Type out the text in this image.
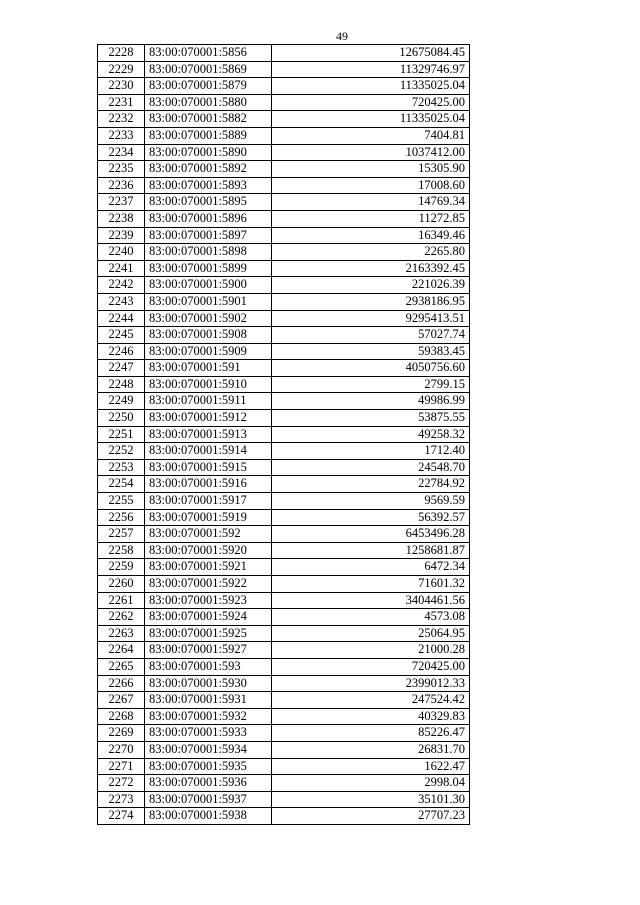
49
2228	83:00:070001:5856	12675084.45
2229	83:00:070001:5869	11329746.97
2230	83:00:070001:5879	11335025.04
2231	83:00:070001:5880	720425.00
2232	83:00:070001:5882	11335025.04
2233	83:00:070001:5889	7404.81
2234	83:00:070001:5890	1037412.00
2235	83:00:070001:5892	15305.90
2236	83:00:070001:5893	17008.60
2237	83:00:070001:5895	14769.34
2238	83:00:070001:5896	11272.85
2239	83:00:070001:5897	16349.46
2240	83:00:070001:5898	2265.80
2241	83:00:070001:5899	2163392.45
2242	83:00:070001:5900	221026.39
2243	83:00:070001:5901	2938186.95
2244	83:00:070001:5902	9295413.51
2245	83:00:070001:5908	57027.74
2246	83:00:070001:5909	59383.45
2247	83:00:070001:591	4050756.60
2248	83:00:070001:5910	2799.15
2249	83:00:070001:5911	49986.99
2250	83:00:070001:5912	53875.55
2251	83:00:070001:5913	49258.32
2252	83:00:070001:5914	1712.40
2253	83:00:070001:5915	24548.70
2254	83:00:070001:5916	22784.92
2255	83:00:070001:5917	9569.59
2256	83:00:070001:5919	56392.57
2257	83:00:070001:592	6453496.28
2258	83:00:070001:5920	1258681.87
2259	83:00:070001:5921	6472.34
2260	83:00:070001:5922	71601.32
2261	83:00:070001:5923	3404461.56
2262	83:00:070001:5924	4573.08
2263	83:00:070001:5925	25064.95
2264	83:00:070001:5927	21000.28
2265	83:00:070001:593	720425.00
2266	83:00:070001:5930	2399012.33
2267	83:00:070001:5931	247524.42
2268	83:00:070001:5932	40329.83
2269	83:00:070001:5933	85226.47
2270	83:00:070001:5934	26831.70
2271	83:00:070001:5935	1622.47
2272	83:00:070001:5936	2998.04
2273	83:00:070001:5937	35101.30
2274	83:00:070001:5938	27707.23
